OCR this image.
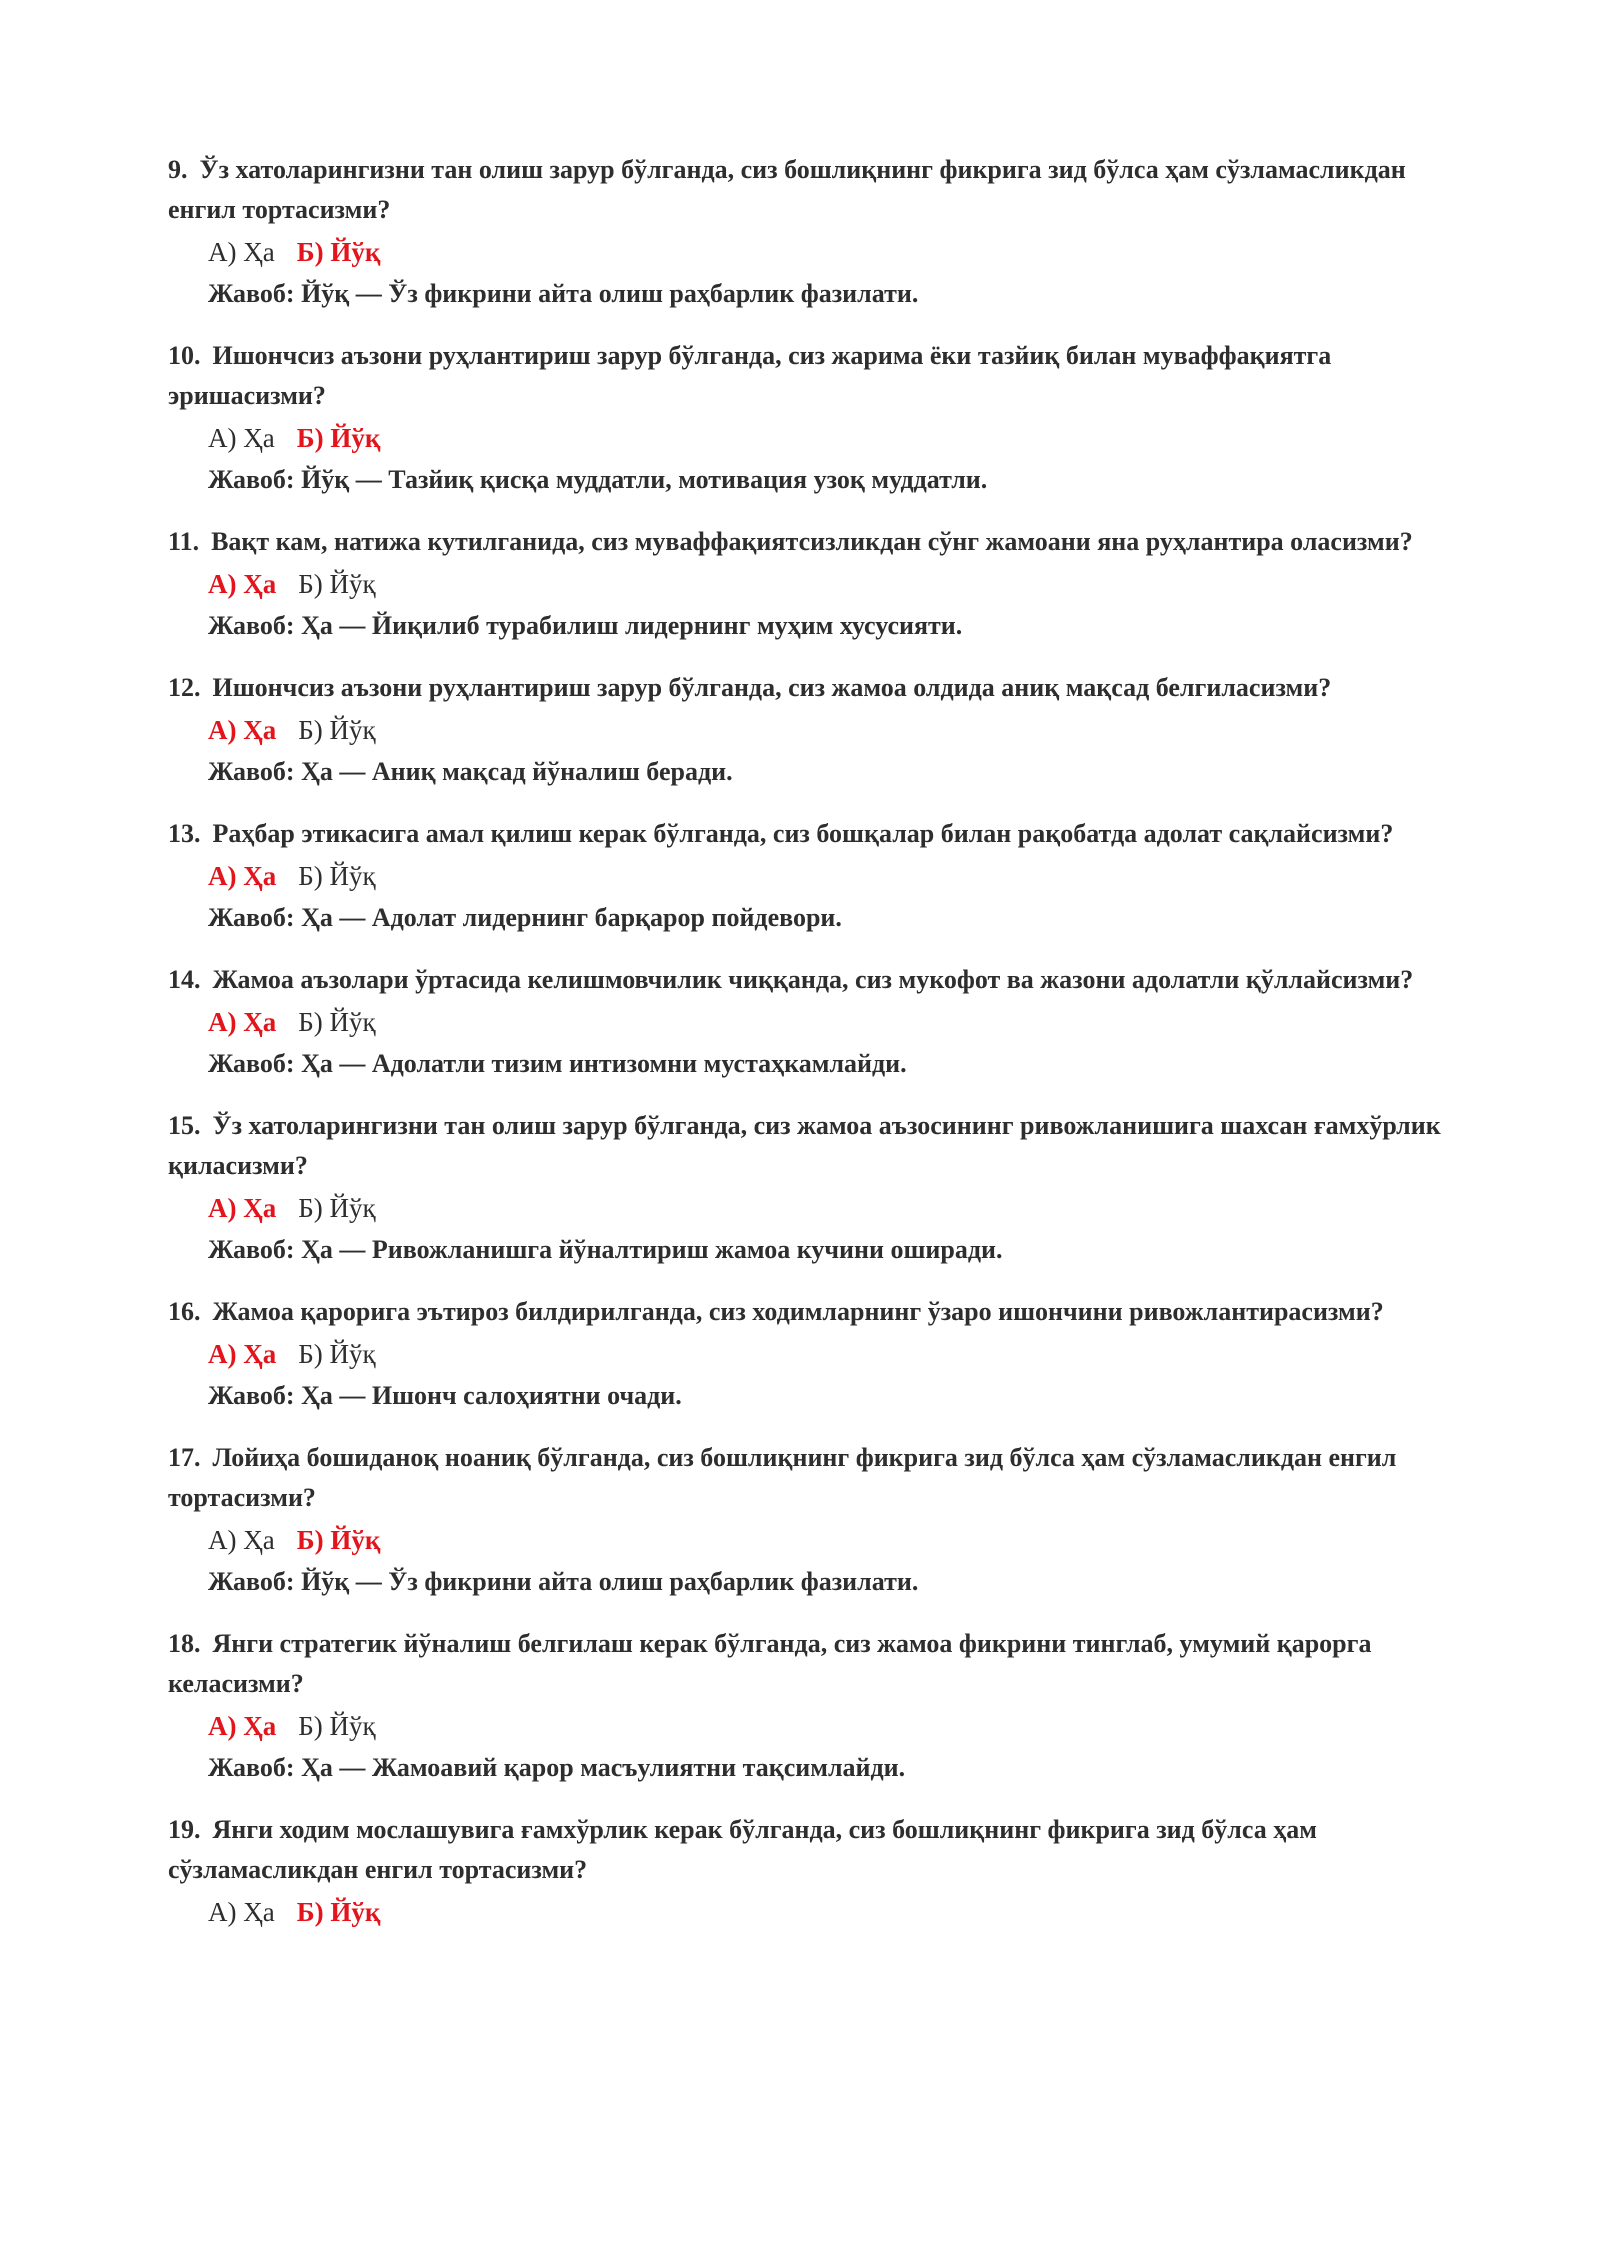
9. Ўз хатоларингизни тан олиш зарур бўлганда, сиз бошлиқнинг фикрига зид бўлса ҳам сўзламасликдан енгил тортасизми?
А) Ҳа Б) Йўқ
Жавоб: Йўқ — Ўз фикрини айта олиш раҳбарлик фазилати.
10. Ишончсиз аъзони руҳлантириш зарур бўлганда, сиз жарима ёки тазйиқ билан муваффақиятга эришасизми?
А) Ҳа Б) Йўқ
Жавоб: Йўқ — Тазйиқ қисқа муддатли, мотивация узоқ муддатли.
11. Вақт кам, натижа кутилганида, сиз муваффақиятсизликдан сўнг жамоани яна руҳлантира оласизми?
А) Ҳа Б) Йўқ
Жавоб: Ҳа — Йиқилиб турабилиш лидернинг муҳим хусусияти.
12. Ишончсиз аъзони руҳлантириш зарур бўлганда, сиз жамоа олдида аниқ мақсад белгиласизми?
А) Ҳа Б) Йўқ
Жавоб: Ҳа — Аниқ мақсад йўналиш беради.
13. Раҳбар этикасига амал қилиш керак бўлганда, сиз бошқалар билан рақобатда адолат сақлайсизми?
А) Ҳа Б) Йўқ
Жавоб: Ҳа — Адолат лидернинг барқарор пойдевори.
14. Жамоа аъзолари ўртасида келишмовчилик чиққанда, сиз мукофот ва жазони адолатли қўллайсизми?
А) Ҳа Б) Йўқ
Жавоб: Ҳа — Адолатли тизим интизомни мустаҳкамлайди.
15. Ўз хатоларингизни тан олиш зарур бўлганда, сиз жамоа аъзосининг ривожланишига шахсан ғамхўрлик қиласизми?
А) Ҳа Б) Йўқ
Жавоб: Ҳа — Ривожланишга йўналтириш жамоа кучини оширади.
16. Жамоа қарорига эътироз билдирилганда, сиз ходимларнинг ўзаро ишончини ривожлантирасизми?
А) Ҳа Б) Йўқ
Жавоб: Ҳа — Ишонч салоҳиятни очади.
17. Лойиҳа бошиданоқ ноаниқ бўлганда, сиз бошлиқнинг фикрига зид бўлса ҳам сўзламасликдан енгил тортасизми?
А) Ҳа Б) Йўқ
Жавоб: Йўқ — Ўз фикрини айта олиш раҳбарлик фазилати.
18. Янги стратегик йўналиш белгилаш керак бўлганда, сиз жамоа фикрини тинглаб, умумий қарорга келасизми?
А) Ҳа Б) Йўқ
Жавоб: Ҳа — Жамоавий қарор масъулиятни тақсимлайди.
19. Янги ходим мослашувига ғамхўрлик керак бўлганда, сиз бошлиқнинг фикрига зид бўлса ҳам сўзламасликдан енгил тортасизми?
А) Ҳа Б) Йўқ
